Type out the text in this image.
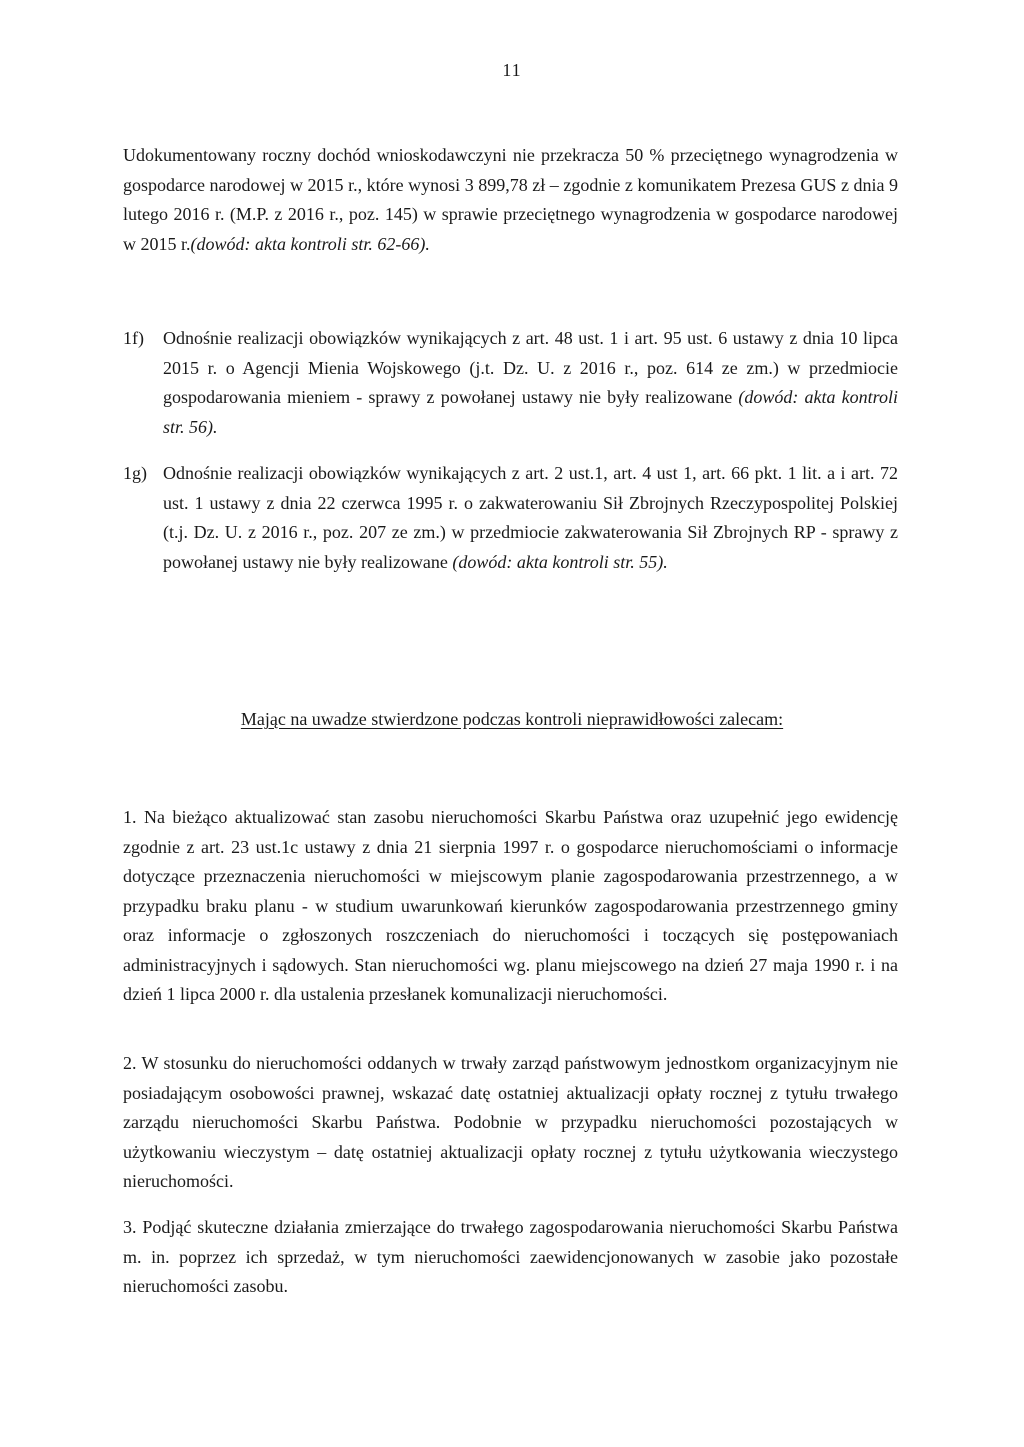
11
Udokumentowany roczny dochód wnioskodawczyni nie przekracza 50 % przeciętnego wynagrodzenia w gospodarce narodowej w 2015 r., które wynosi 3 899,78 zł – zgodnie z komunikatem Prezesa GUS z dnia 9 lutego 2016 r. (M.P. z 2016 r., poz. 145) w sprawie przeciętnego wynagrodzenia w gospodarce narodowej w 2015 r.(dowód: akta kontroli str. 62-66).
1f) Odnośnie realizacji obowiązków wynikających z art. 48 ust. 1 i art. 95 ust. 6 ustawy z dnia 10 lipca 2015 r. o Agencji Mienia Wojskowego (j.t. Dz. U. z 2016 r., poz. 614 ze zm.) w przedmiocie gospodarowania mieniem - sprawy z powołanej ustawy nie były realizowane (dowód: akta kontroli str. 56).
1g) Odnośnie realizacji obowiązków wynikających z art. 2 ust.1, art. 4 ust 1, art. 66 pkt. 1 lit. a i art. 72 ust. 1 ustawy z dnia 22 czerwca 1995 r. o zakwaterowaniu Sił Zbrojnych Rzeczypospolitej Polskiej (t.j. Dz. U. z 2016 r., poz. 207 ze zm.) w przedmiocie zakwaterowania Sił Zbrojnych RP - sprawy z powołanej ustawy nie były realizowane (dowód: akta kontroli str. 55).
Mając na uwadze stwierdzone podczas kontroli nieprawidłowości zalecam:
1. Na bieżąco aktualizować stan zasobu nieruchomości Skarbu Państwa oraz uzupełnić jego ewidencję zgodnie z art. 23 ust.1c ustawy z dnia 21 sierpnia 1997 r. o gospodarce nieruchomościami o informacje dotyczące przeznaczenia nieruchomości w miejscowym planie zagospodarowania przestrzennego, a w przypadku braku planu - w studium uwarunkowań kierunków zagospodarowania przestrzennego gminy oraz informacje o zgłoszonych roszczeniach do nieruchomości i toczących się postępowaniach administracyjnych i sądowych. Stan nieruchomości wg. planu miejscowego na dzień 27 maja 1990 r. i na dzień 1 lipca 2000 r. dla ustalenia przesłanek komunalizacji nieruchomości.
2. W stosunku do nieruchomości oddanych w trwały zarząd państwowym jednostkom organizacyjnym nie posiadającym osobowości prawnej, wskazać datę ostatniej aktualizacji opłaty rocznej z tytułu trwałego zarządu nieruchomości Skarbu Państwa. Podobnie w przypadku nieruchomości pozostających w użytkowaniu wieczystym – datę ostatniej aktualizacji opłaty rocznej z tytułu użytkowania wieczystego nieruchomości.
3. Podjąć skuteczne działania zmierzające do trwałego zagospodarowania nieruchomości Skarbu Państwa m. in. poprzez ich sprzedaż, w tym nieruchomości zaewidencjonowanych w zasobie jako pozostałe nieruchomości zasobu.
